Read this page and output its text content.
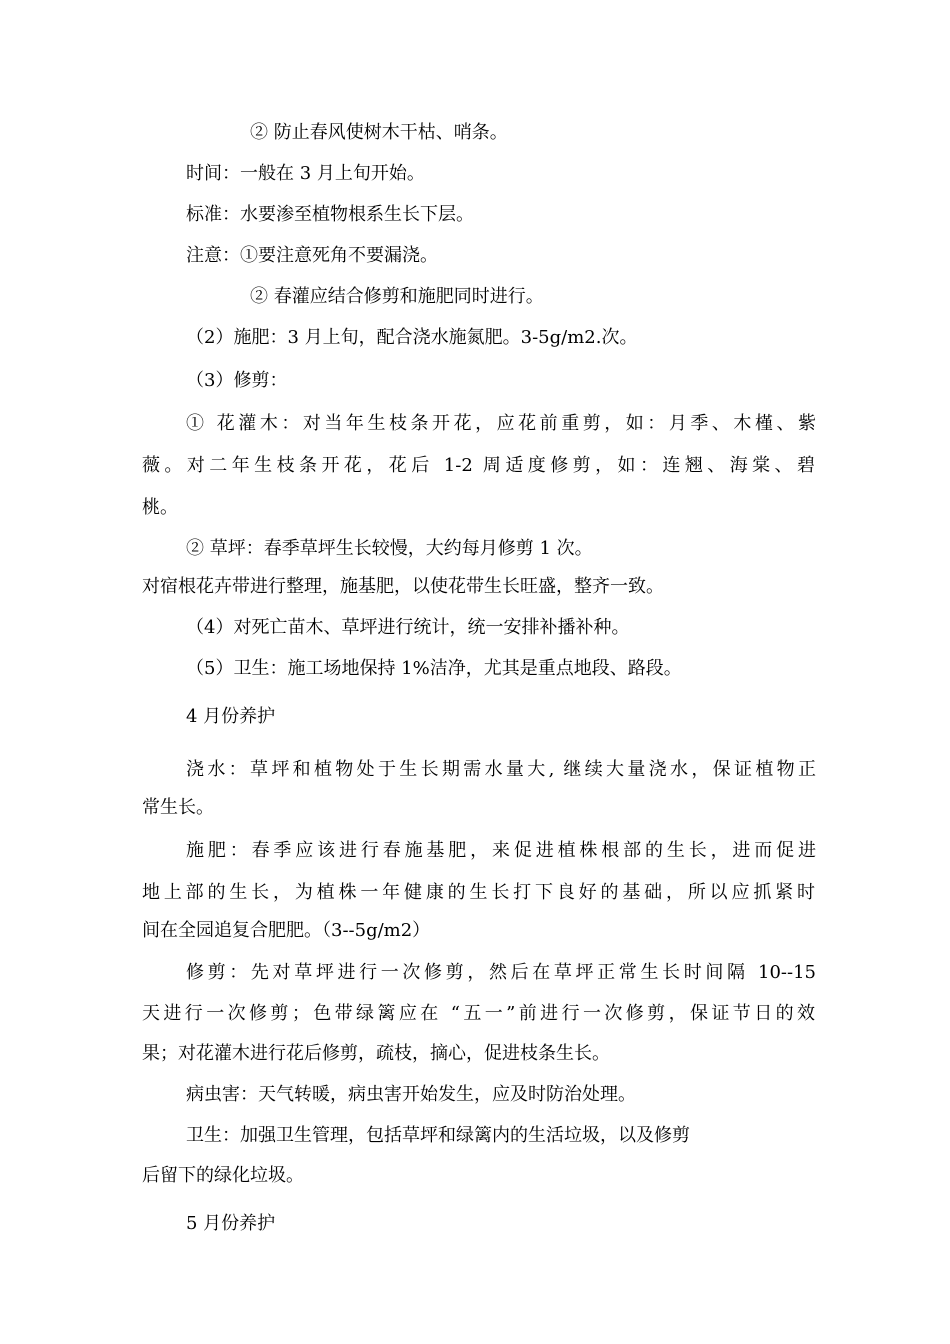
② 防止春风使树木干枯、哨条。
时间：一般在 3 月上旬开始。
标准：水要渗至植物根系生长下层。
注意：①要注意死角不要漏浇。
② 春灌应结合修剪和施肥同时进行。
（2）施肥：3 月上旬，配合浇水施氮肥。3-5g/m2.次。
（3）修剪：
① 花灌木：对当年生枝条开花，应花前重剪，如：月季、木槿、紫
薇。对二年生枝条开花，花后 1-2 周适度修剪，如：连翘、海棠、碧
桃。
② 草坪：春季草坪生长较慢，大约每月修剪 1 次。
对宿根花卉带进行整理，施基肥，以使花带生长旺盛，整齐一致。
（4）对死亡苗木、草坪进行统计，统一安排补播补种。
（5）卫生：施工场地保持 1%洁净，尤其是重点地段、路段。
4 月份养护
浇水：草坪和植物处于生长期需水量大, 继续大量浇水，保证植物正
常生长。
施肥：春季应该进行春施基肥，来促进植株根部的生长，进而促进
地上部的生长，为植株一年健康的生长打下良好的基础，所以应抓紧时
间在全园追复合肥肥。（3--5g/m2）
修剪：先对草坪进行一次修剪，然后在草坪正常生长时间隔 10--15
天进行一次修剪；色带绿篱应在 “五一”前进行一次修剪，保证节日的效
果；对花灌木进行花后修剪，疏枝，摘心，促进枝条生长。
病虫害：天气转暖，病虫害开始发生，应及时防治处理。
卫生：加强卫生管理，包括草坪和绿篱内的生活垃圾，以及修剪
后留下的绿化垃圾。
5 月份养护
